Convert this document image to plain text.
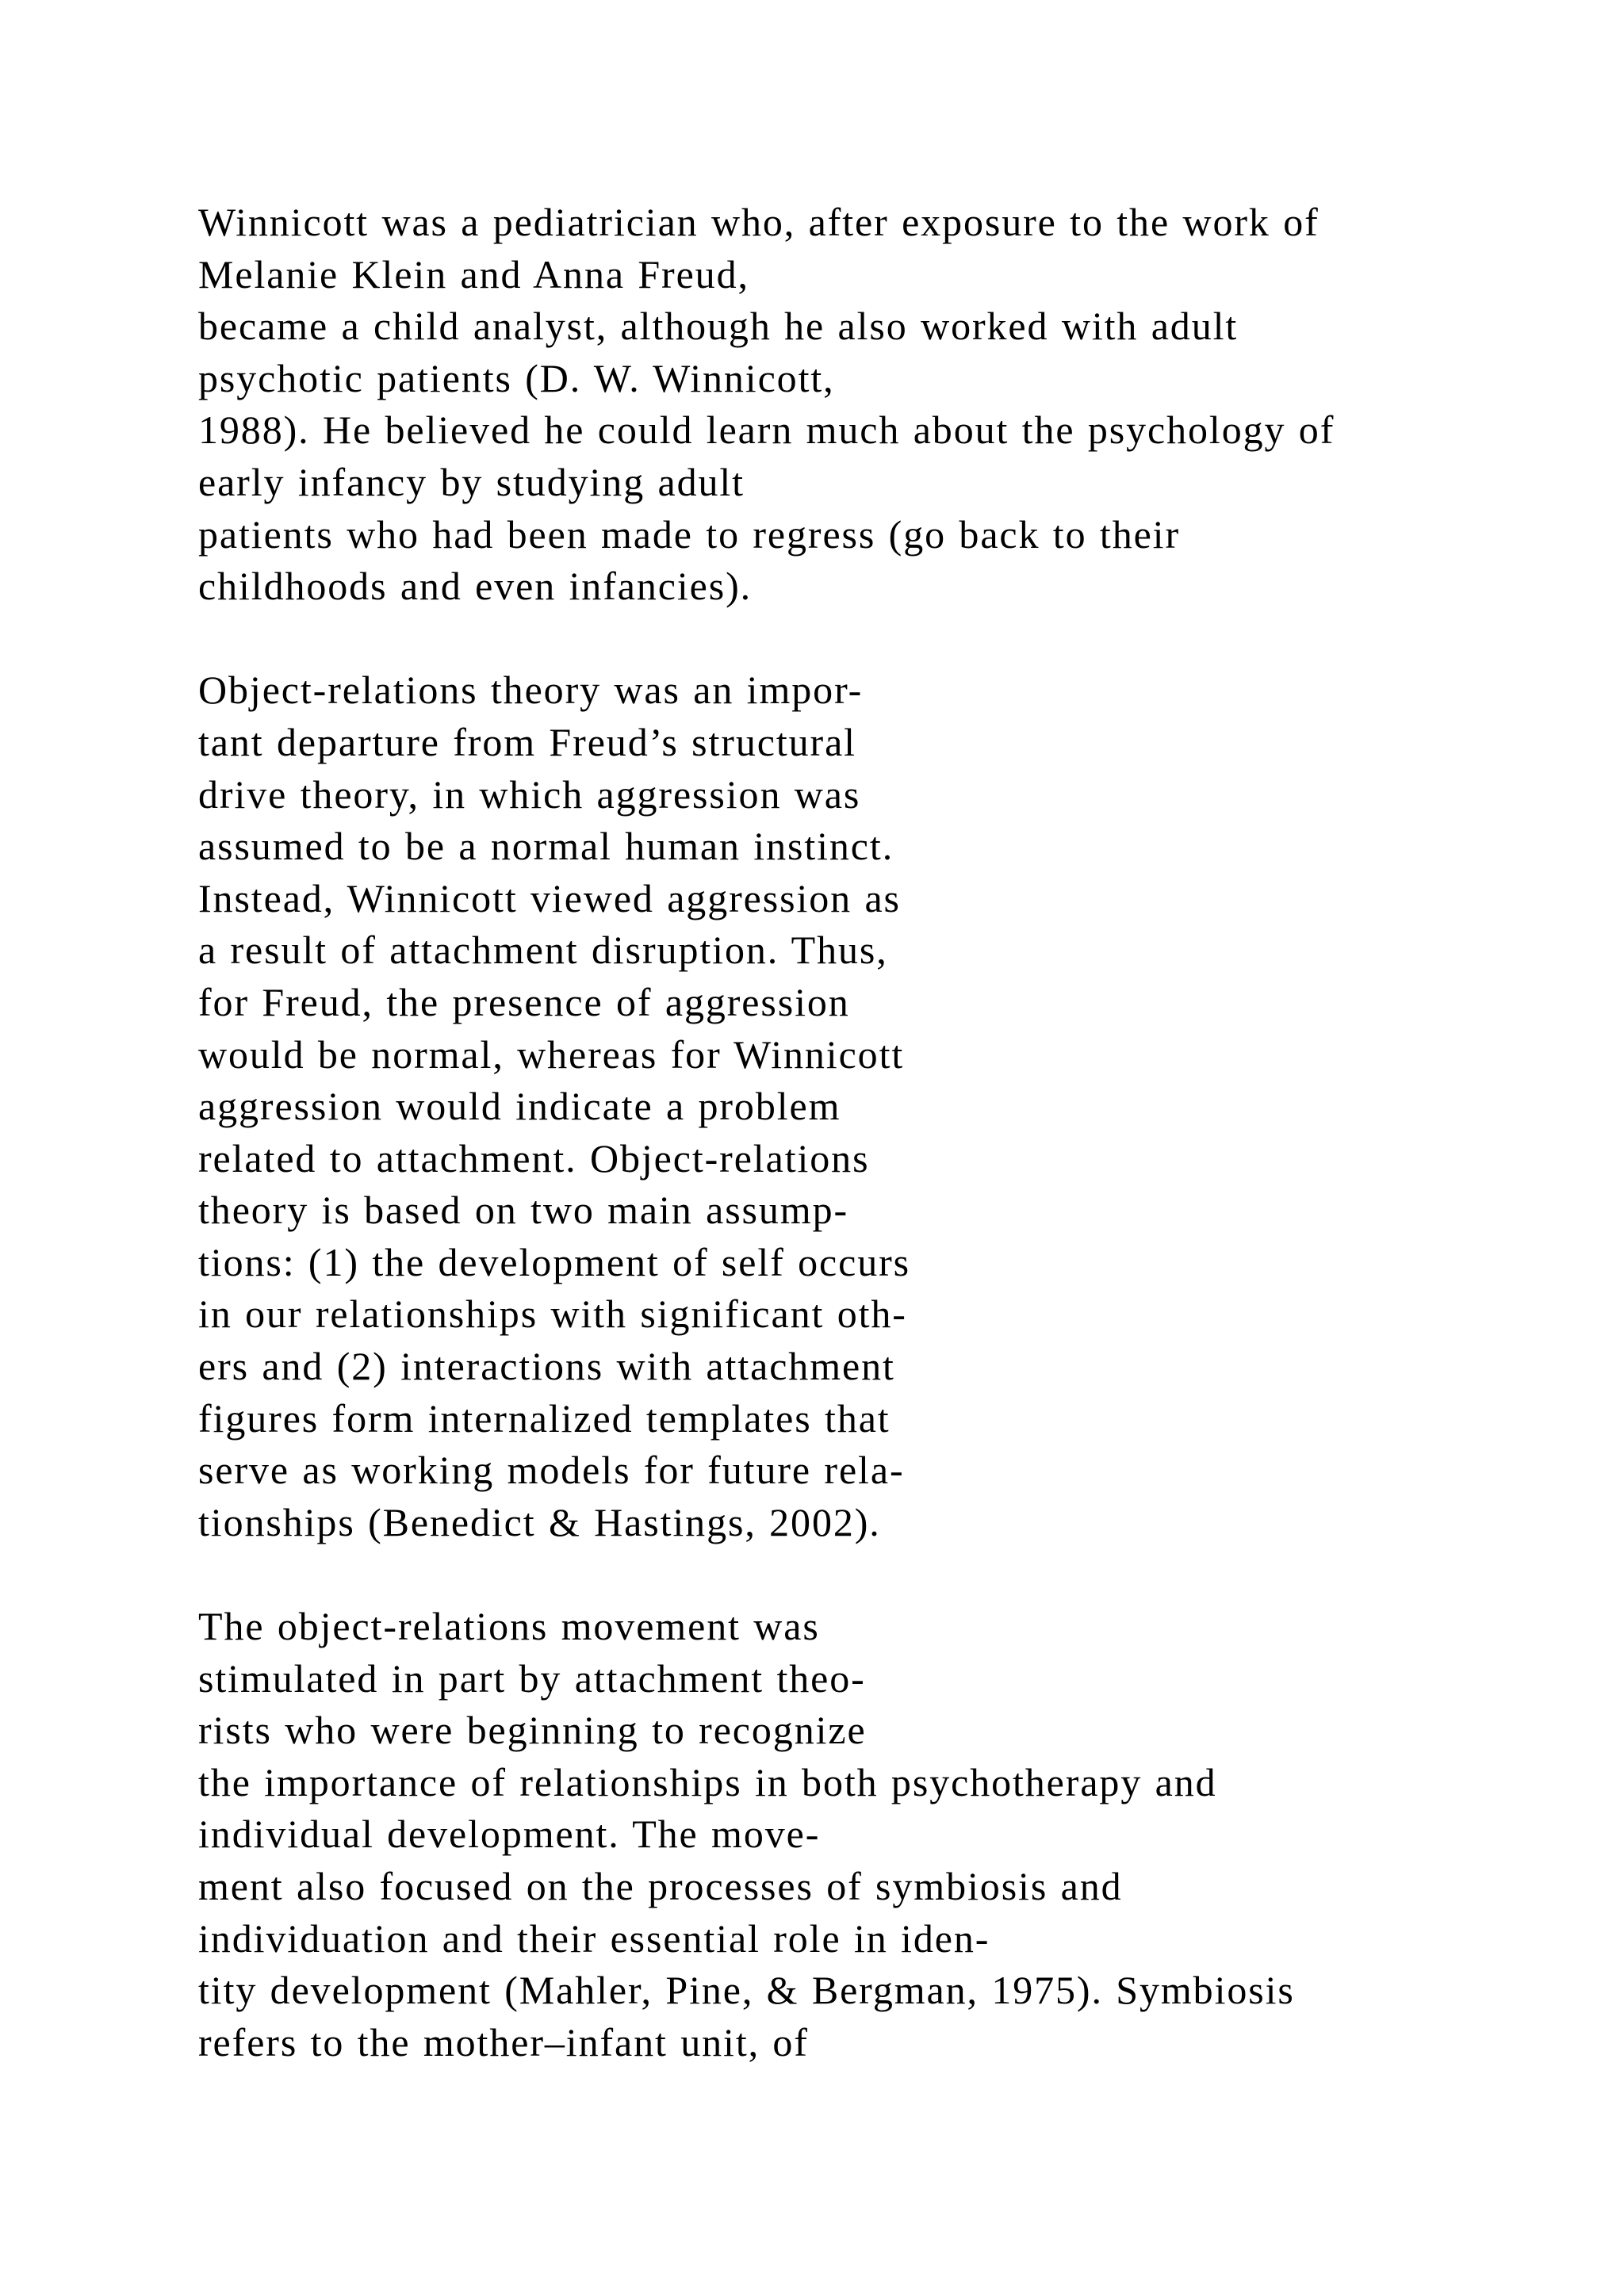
Winnicott was a pediatrician who, after exposure to the work of
Melanie Klein and Anna Freud,
became a child analyst, although he also worked with adult
psychotic patients (D. W. Winnicott,
1988). He believed he could learn much about the psychology of
early infancy by studying adult
patients who had been made to regress (go back to their
childhoods and even infancies).
Object-relations theory was an impor-
tant departure from Freud’s structural
drive theory, in which aggression was
assumed to be a normal human instinct.
Instead, Winnicott viewed aggression as
a result of attachment disruption. Thus,
for Freud, the presence of aggression
would be normal, whereas for Winnicott
aggression would indicate a problem
related to attachment. Object-relations
theory is based on two main assump-
tions: (1) the development of self occurs
in our relationships with significant oth-
ers and (2) interactions with attachment
figures form internalized templates that
serve as working models for future rela-
tionships (Benedict & Hastings, 2002).
The object-relations movement was
stimulated in part by attachment theo-
rists who were beginning to recognize
the importance of relationships in both psychotherapy and
individual development. The move-
ment also focused on the processes of symbiosis and
individuation and their essential role in iden-
tity development (Mahler, Pine, & Bergman, 1975). Symbiosis
refers to the mother–infant unit, of
